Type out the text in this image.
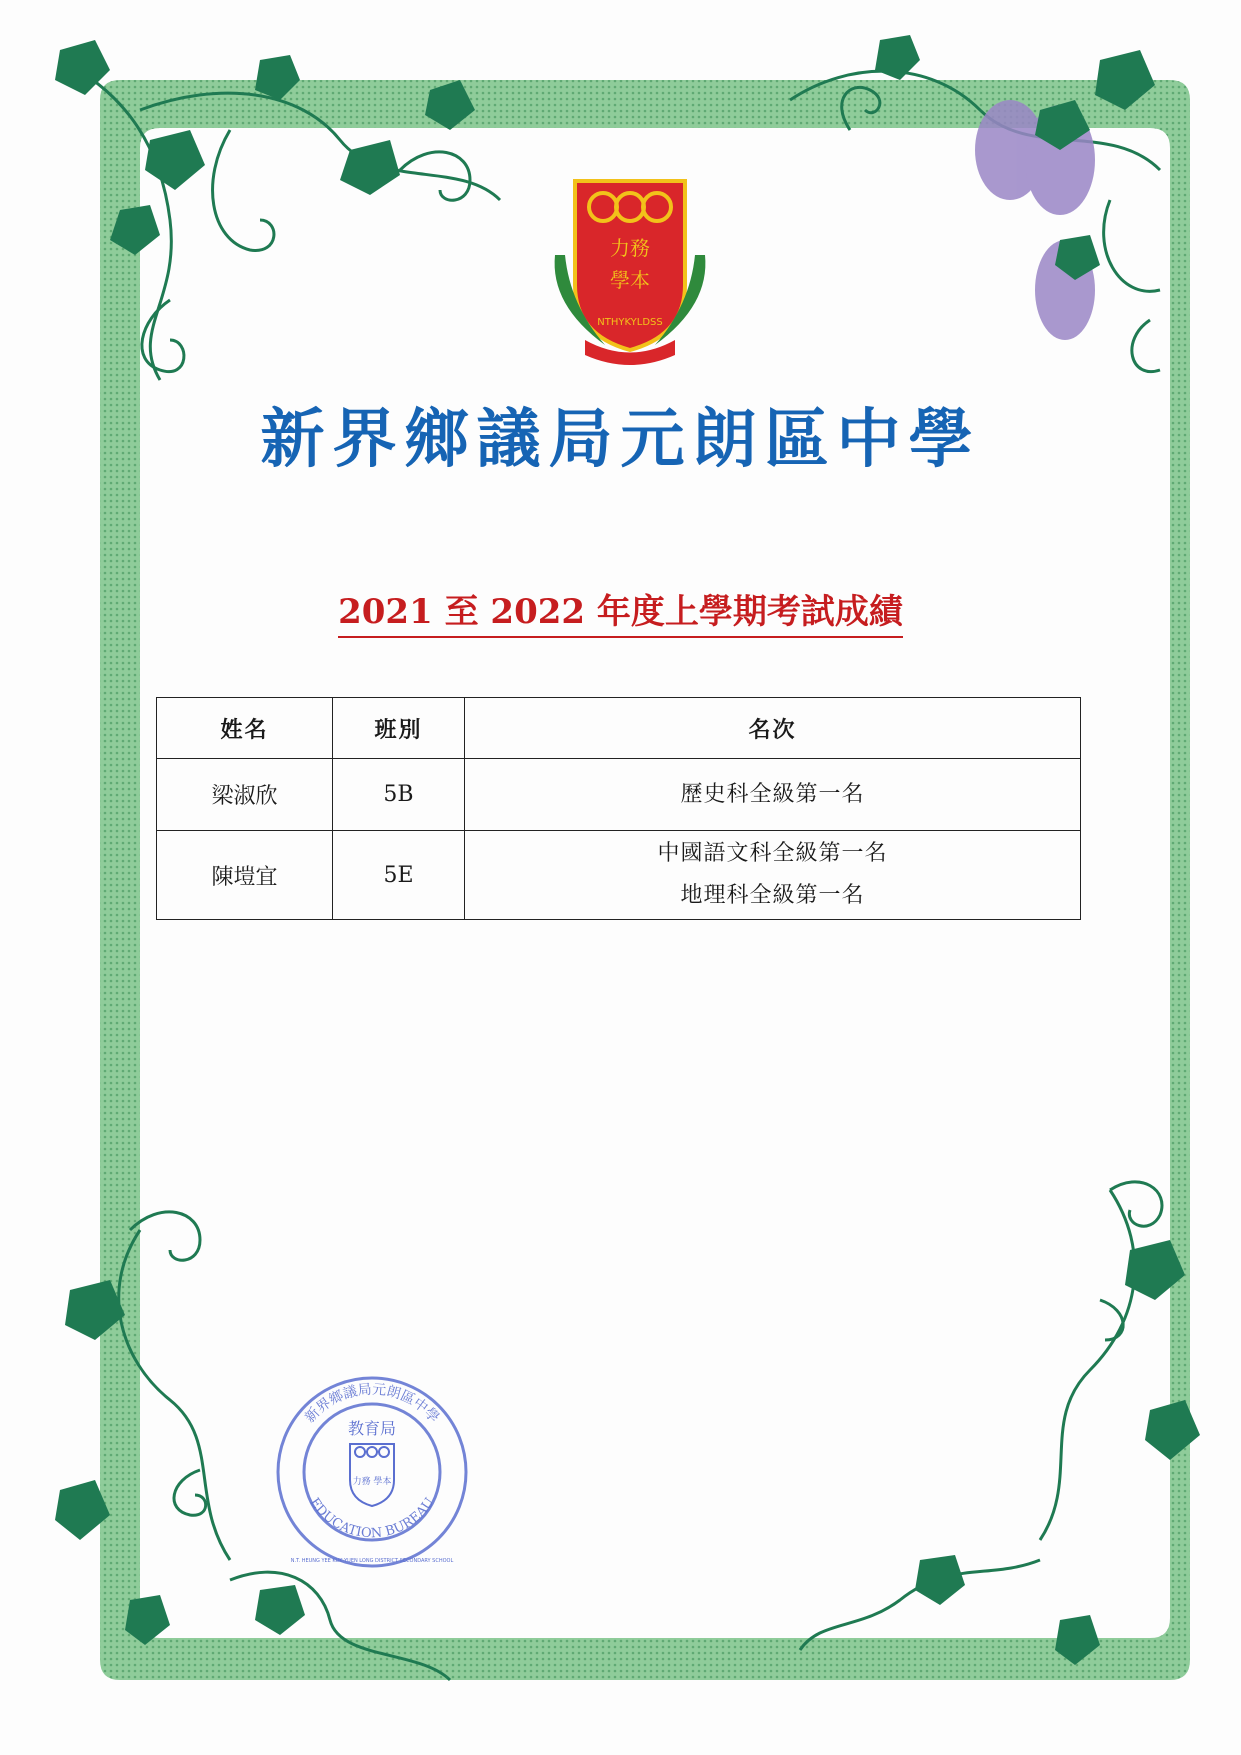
力務
學本
NTHYKYLDSS
新界鄉議局元朗區中學
2021 至 2022 年度上學期考試成績
姓名	班別	名次
梁淑欣	5B	歷史科全級第一名

陳塏宜	5E	中國語文科全級第一名
地理科全級第一名
新界鄉議局元朗區中學
EDUCATION BUREAU
教育局
力務 學本
N.T. HEUNG YEE KUK YUEN LONG DISTRICT SECONDARY SCHOOL
